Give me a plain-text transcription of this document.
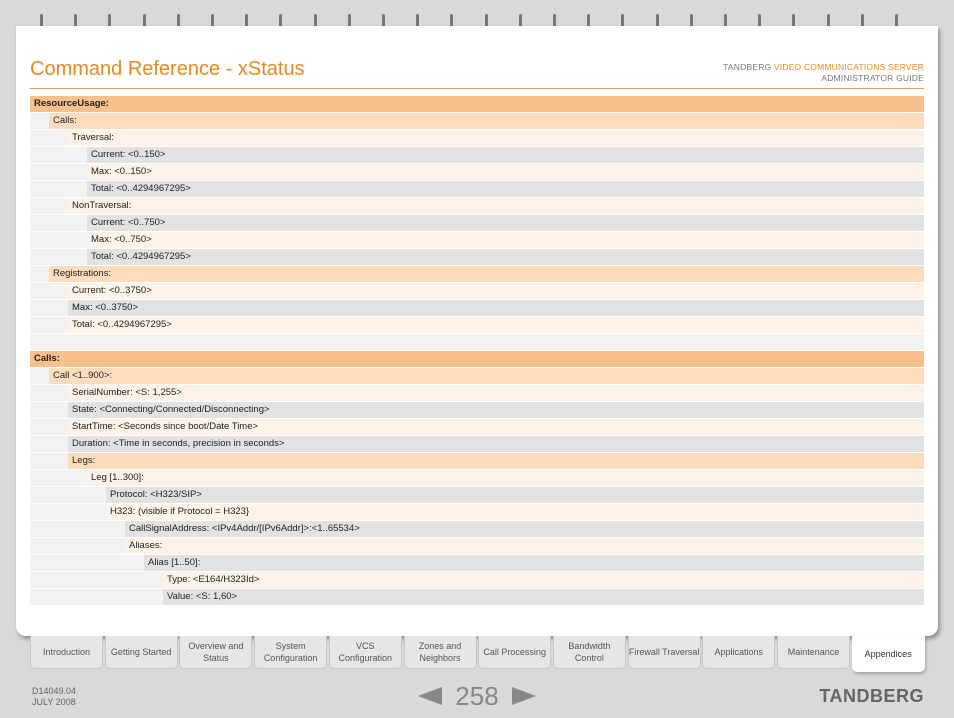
Command Reference - xStatus	TANDBERG VIDEO COMMUNICATIONS SERVER
ADMINISTRATOR GUIDE
ResourceUsage:
Calls:
Traversal:
Current: <0..150>
Max: <0..150>
Total: <0..4294967295>
NonTraversal:
Current: <0..750>
Max: <0..750>
Total: <0..4294967295>
Registrations:
Current: <0..3750>
Max: <0..3750>
Total: <0..4294967295>
Calls:
Call <1..900>:
SerialNumber: <S: 1,255>
State: <Connecting/Connected/Disconnecting>
StartTime: <Seconds since boot/Date Time>
Duration: <Time in seconds, precision in seconds>
Legs:
Leg [1..300]:
Protocol: <H323/SIP>
H323: (visible if Protocol = H323}
CallSignalAddress: <IPv4Addr/[IPv6Addr]>:<1..65534>
Aliases:
Alias [1..50]:
Type: <E164/H323Id>
Value: <S: 1,60>
Introduction	Getting Started
Overview and Status
System Configuration
VCS Configuration
Zones and Neighbors
Call Processing
Bandwidth Control
Firewall Traversal	Applications	Maintenance	Appendices
D14049.04
JULY 2008	258	TANDBERG
